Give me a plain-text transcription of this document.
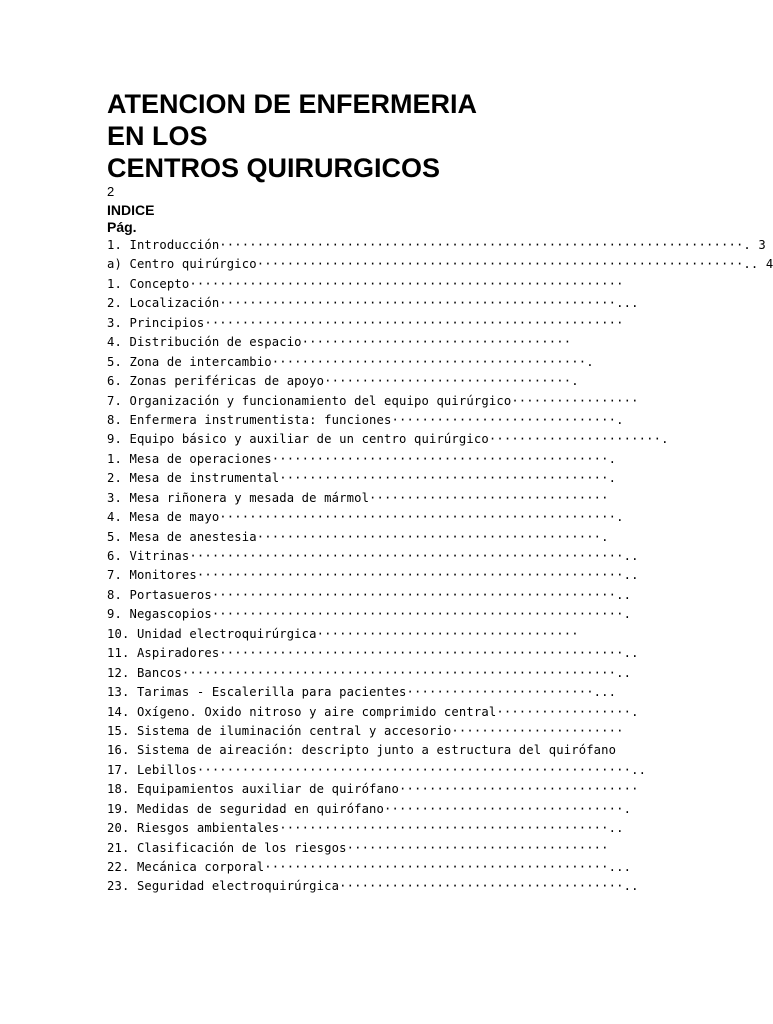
ATENCION DE ENFERMERIA
EN LOS
CENTROS QUIRURGICOS
2
INDICE
Pág.
1. Introducción······································································. 3
a) Centro quirúrgico·································································.. 4
1. Concepto··························································
2. Localización·····················································...
3. Principios························································
4. Distribución de espacio····································
5. Zona de intercambio··········································.
6. Zonas periféricas de apoyo·································.
7. Organización y funcionamiento del equipo quirúrgico·················
8. Enfermera instrumentista: funciones······························.
9. Equipo básico y auxiliar de un centro quirúrgico·······················.
1. Mesa de operaciones·············································.
2. Mesa de instrumental············································.
3. Mesa riñonera y mesada de mármol································
4. Mesa de mayo·····················································.
5. Mesa de anestesia··············································.
6. Vitrinas··························································..
7. Monitores·························································..
8. Portasueros······················································..
9. Negascopios·······················································.
10. Unidad electroquirúrgica···································
11. Aspiradores······················································..
12. Bancos··························································..
13. Tarimas - Escalerilla para pacientes·························...
14. Oxígeno. Oxido nitroso y aire comprimido central··················.
15. Sistema de iluminación central y accesorio·······················
16. Sistema de aireación: descripto junto a estructura del quirófano
17. Lebillos··························································..
18. Equipamientos auxiliar de quirófano································
19. Medidas de seguridad en quirófano································.
20. Riesgos ambientales············································..
21. Clasificación de los riesgos···································
22. Mecánica corporal··············································...
23. Seguridad electroquirúrgica······································..
